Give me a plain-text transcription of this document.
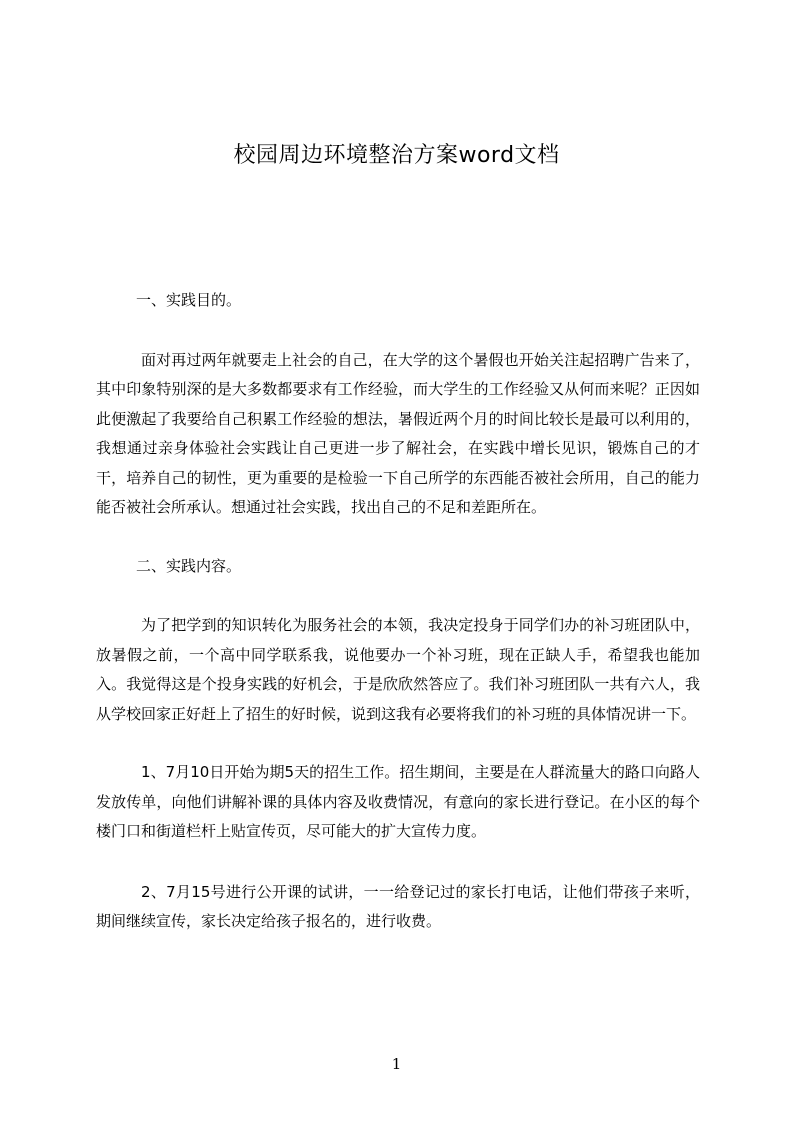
校园周边环境整治方案word文档

一、实践目的。

面对再过两年就要走上社会的自己，在大学的这个暑假也开始关注起招聘广告来了，其中印象特别深的是大多数都要求有工作经验，而大学生的工作经验又从何而来呢？正因如此便激起了我要给自己积累工作经验的想法，暑假近两个月的时间比较长是最可以利用的，我想通过亲身体验社会实践让自己更进一步了解社会，在实践中增长见识，锻炼自己的才干，培养自己的韧性，更为重要的是检验一下自己所学的东西能否被社会所用，自己的能力能否被社会所承认。想通过社会实践，找出自己的不足和差距所在。

二、实践内容。

为了把学到的知识转化为服务社会的本领，我决定投身于同学们办的补习班团队中，放暑假之前，一个高中同学联系我，说他要办一个补习班，现在正缺人手，希望我也能加入。我觉得这是个投身实践的好机会，于是欣欣然答应了。我们补习班团队一共有六人，我从学校回家正好赶上了招生的好时候，说到这我有必要将我们的补习班的具体情况讲一下。

1、7月10日开始为期5天的招生工作。招生期间，主要是在人群流量大的路口向路人发放传单，向他们讲解补课的具体内容及收费情况，有意向的家长进行登记。在小区的每个楼门口和街道栏杆上贴宣传页，尽可能大的扩大宣传力度。

2、7月15号进行公开课的试讲，一一给登记过的家长打电话，让他们带孩子来听，期间继续宣传，家长决定给孩子报名的，进行收费。

1
